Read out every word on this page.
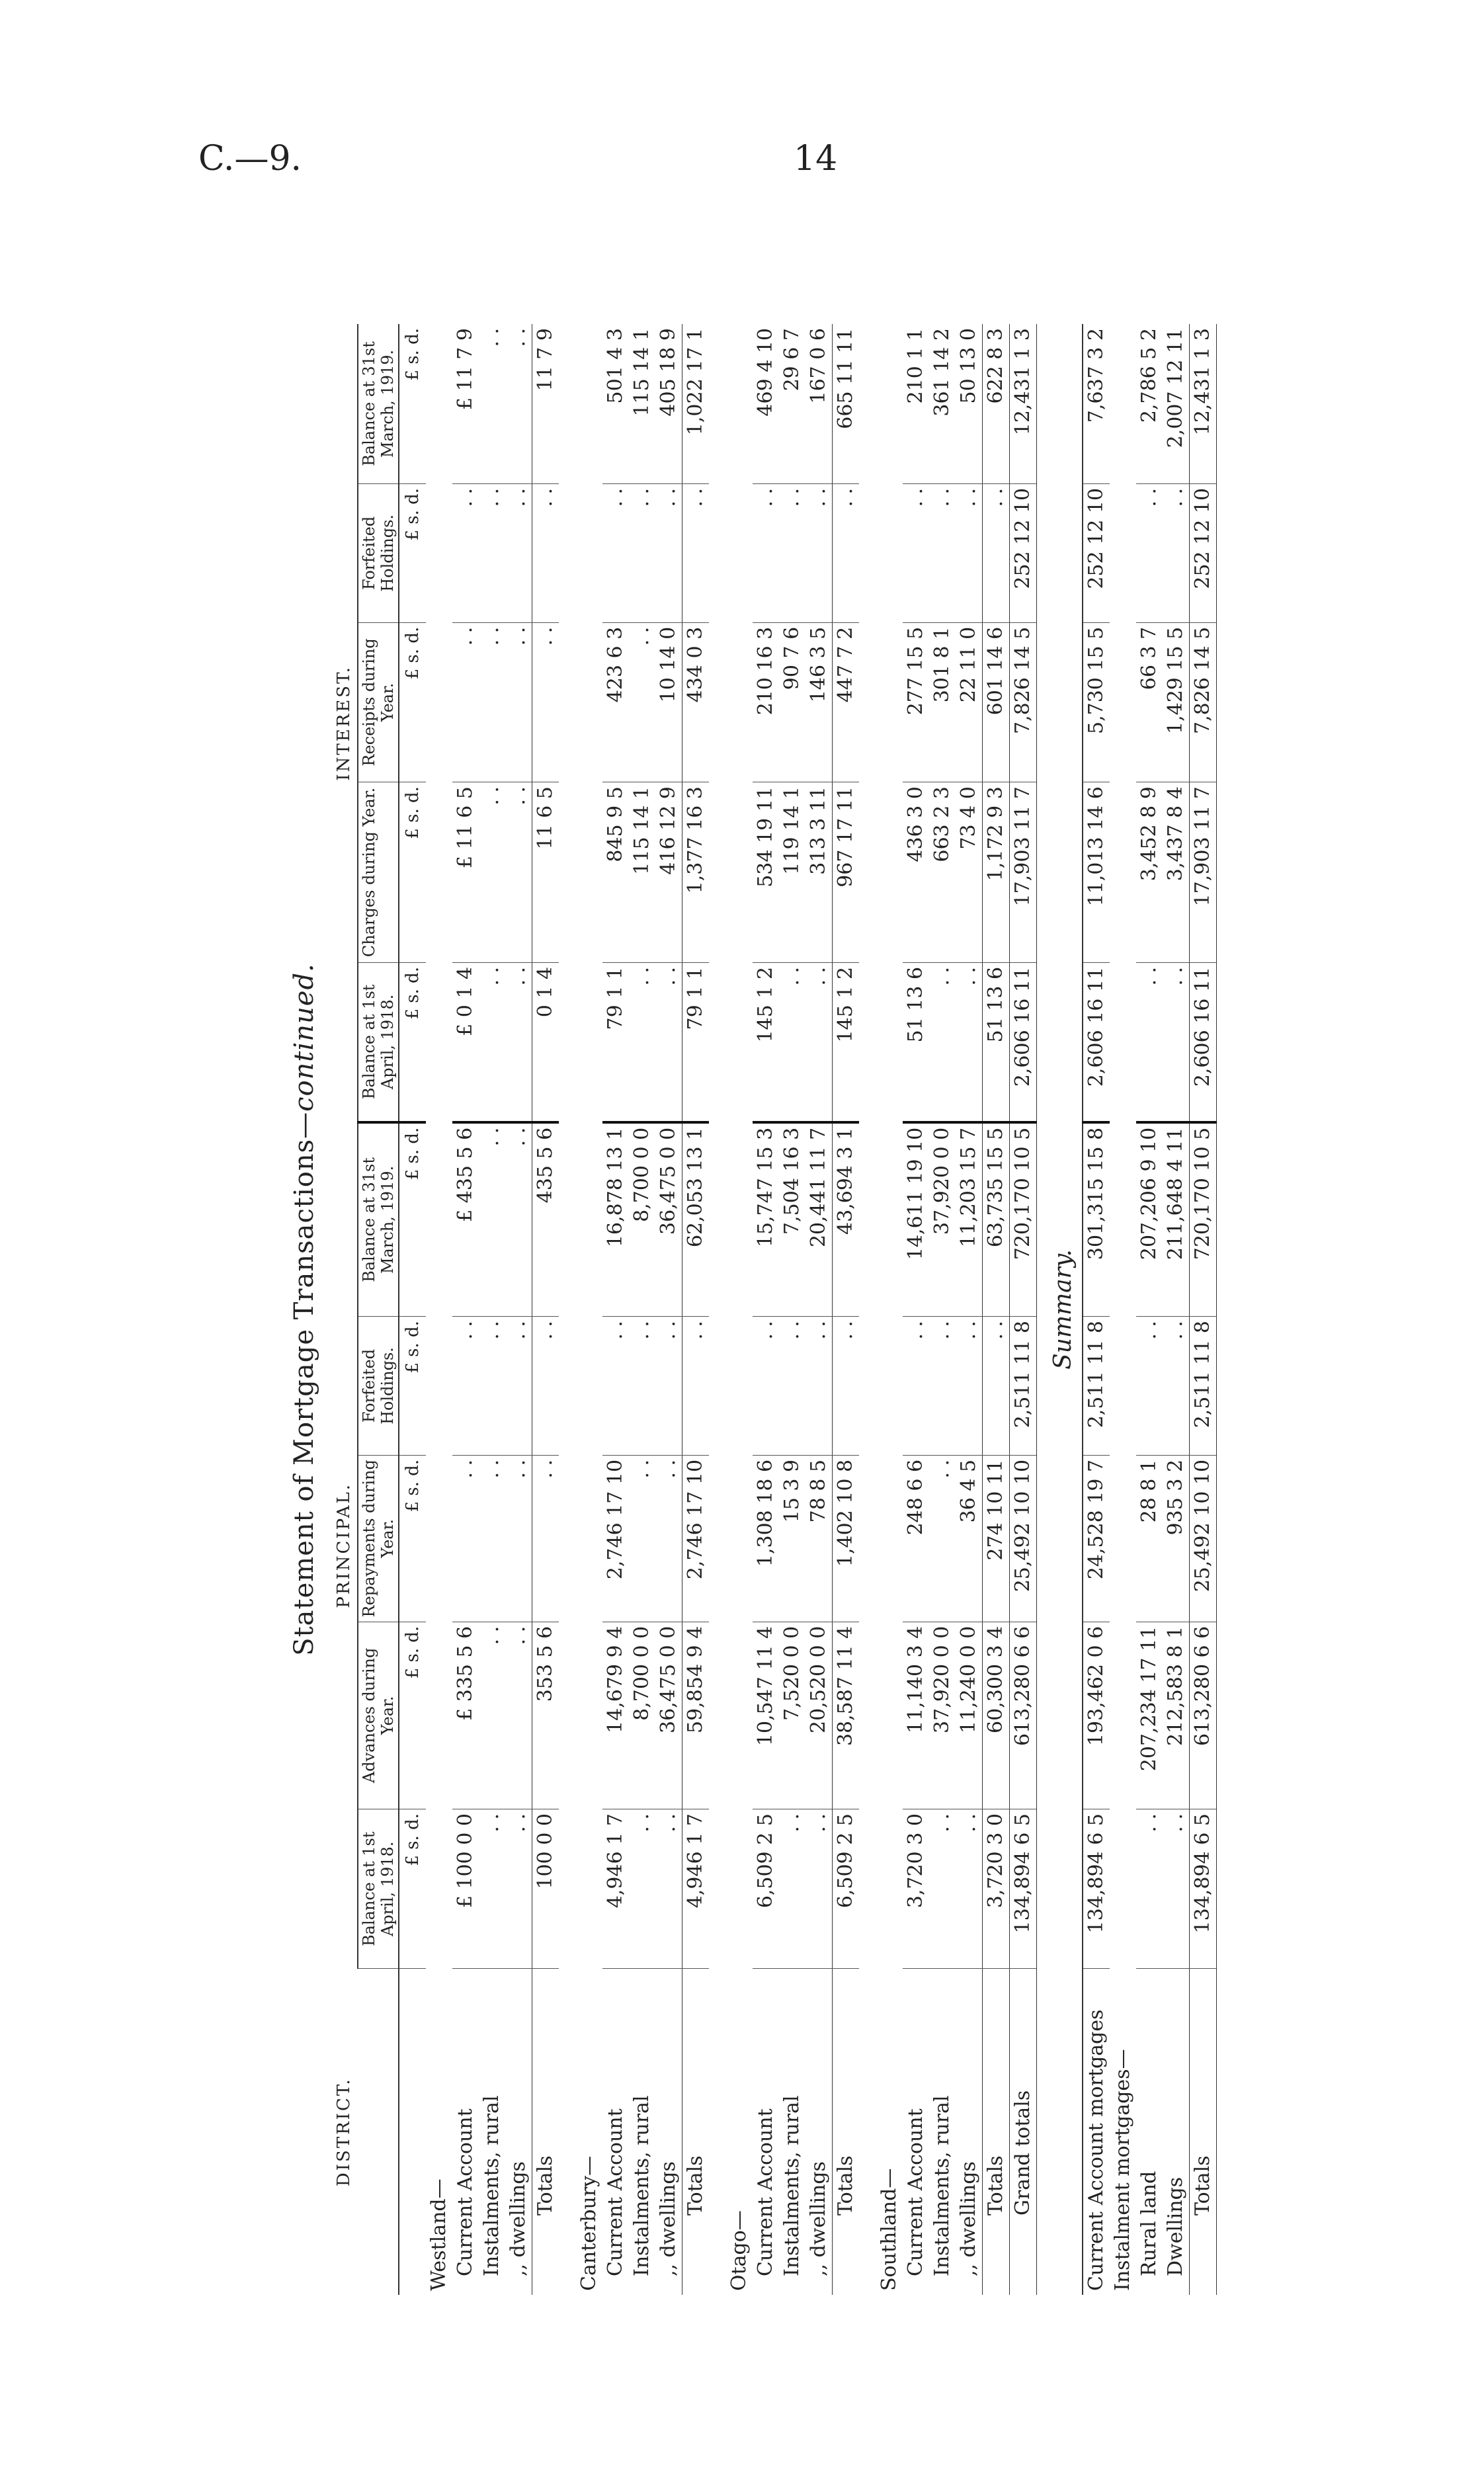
C.—9.	14
Statement of Mortgage Transactions—continued.
DISTRICT.	PRINCIPAL.					INTEREST.				
	Balance at 1st April, 1918.	Advances during Year.	Repayments during Year.	Forfeited Holdings.	Balance at 31st March, 1919.	Balance at 1st April, 1918.	Charges during Year.	Receipts during Year.	Forfeited Holdings.	Balance at 31st March, 1919.
	£ s. d.	£ s. d.	£ s. d.	£ s. d.	£ s. d.	£ s. d.	£ s. d.	£ s. d.	£ s. d.	£ s. d.
Westland—										
Current Account	£ 100 0 0	£ 335 5 6	. .	. .	£ 435 5 6	£ 0 1 4	£ 11 6 5	. .	. .	£ 11 7 9
Instalments, rural	. .	. .	. .	. .	. .	. .	. .	. .	. .	. .
,, dwellings	. .	. .	. .	. .	. .	. .	. .	. .	. .	. .
Totals	100 0 0	353 5 6	. .	. .	435 5 6	0 1 4	11 6 5	. .	. .	11 7 9

Canterbury—										
Current Account	4,946 1 7	14,679 9 4	2,746 17 10	. .	16,878 13 1	79 1 1	845 9 5	423 6 3	. .	501 4 3
Instalments, rural	. .	8,700 0 0	. .	. .	8,700 0 0	. .	115 14 1	. .	. .	115 14 1
,, dwellings	. .	36,475 0 0	. .	. .	36,475 0 0	. .	416 12 9	10 14 0	. .	405 18 9
Totals	4,946 1 7	59,854 9 4	2,746 17 10	. .	62,053 13 1	79 1 1	1,377 16 3	434 0 3	. .	1,022 17 1

Otago—										
Current Account	6,509 2 5	10,547 11 4	1,308 18 6	. .	15,747 15 3	145 1 2	534 19 11	210 16 3	. .	469 4 10
Instalments, rural	. .	7,520 0 0	15 3 9	. .	7,504 16 3	. .	119 14 1	90 7 6	. .	29 6 7
,, dwellings	. .	20,520 0 0	78 8 5	. .	20,441 11 7	. .	313 3 11	146 3 5	. .	167 0 6
Totals	6,509 2 5	38,587 11 4	1,402 10 8	. .	43,694 3 1	145 1 2	967 17 11	447 7 2	. .	665 11 11

Southland—										
Current Account	3,720 3 0	11,140 3 4	248 6 6	. .	14,611 19 10	51 13 6	436 3 0	277 15 5	. .	210 1 1
Instalments, rural	. .	37,920 0 0	. .	. .	37,920 0 0	. .	663 2 3	301 8 1	. .	361 14 2
,, dwellings	. .	11,240 0 0	36 4 5	. .	11,203 15 7	. .	73 4 0	22 11 0	. .	50 13 0
Totals	3,720 3 0	60,300 3 4	274 10 11	. .	63,735 15 5	51 13 6	1,172 9 3	601 14 6	. .	622 8 3
Grand totals	134,894 6 5	613,280 6 6	25,492 10 10	2,511 11 8	720,170 10 5	2,606 16 11	17,903 11 7	7,826 14 5	252 12 10	12,431 1 3
Summary.										
Current Account mortgages	134,894 6 5	193,462 0 6	24,528 19 7	2,511 11 8	301,315 15 8	2,606 16 11	11,013 14 6	5,730 15 5	252 12 10	7,637 3 2
Instalment mortgages—										
Rural land	. .	207,234 17 11	28 8 1	. .	207,206 9 10	. .	3,452 8 9	66 3 7	. .	2,786 5 2
Dwellings	. .	212,583 8 1	935 3 2	. .	211,648 4 11	. .	3,437 8 4	1,429 15 5	. .	2,007 12 11
Totals	134,894 6 5	613,280 6 6	25,492 10 10	2,511 11 8	720,170 10 5	2,606 16 11	17,903 11 7	7,826 14 5	252 12 10	12,431 1 3
